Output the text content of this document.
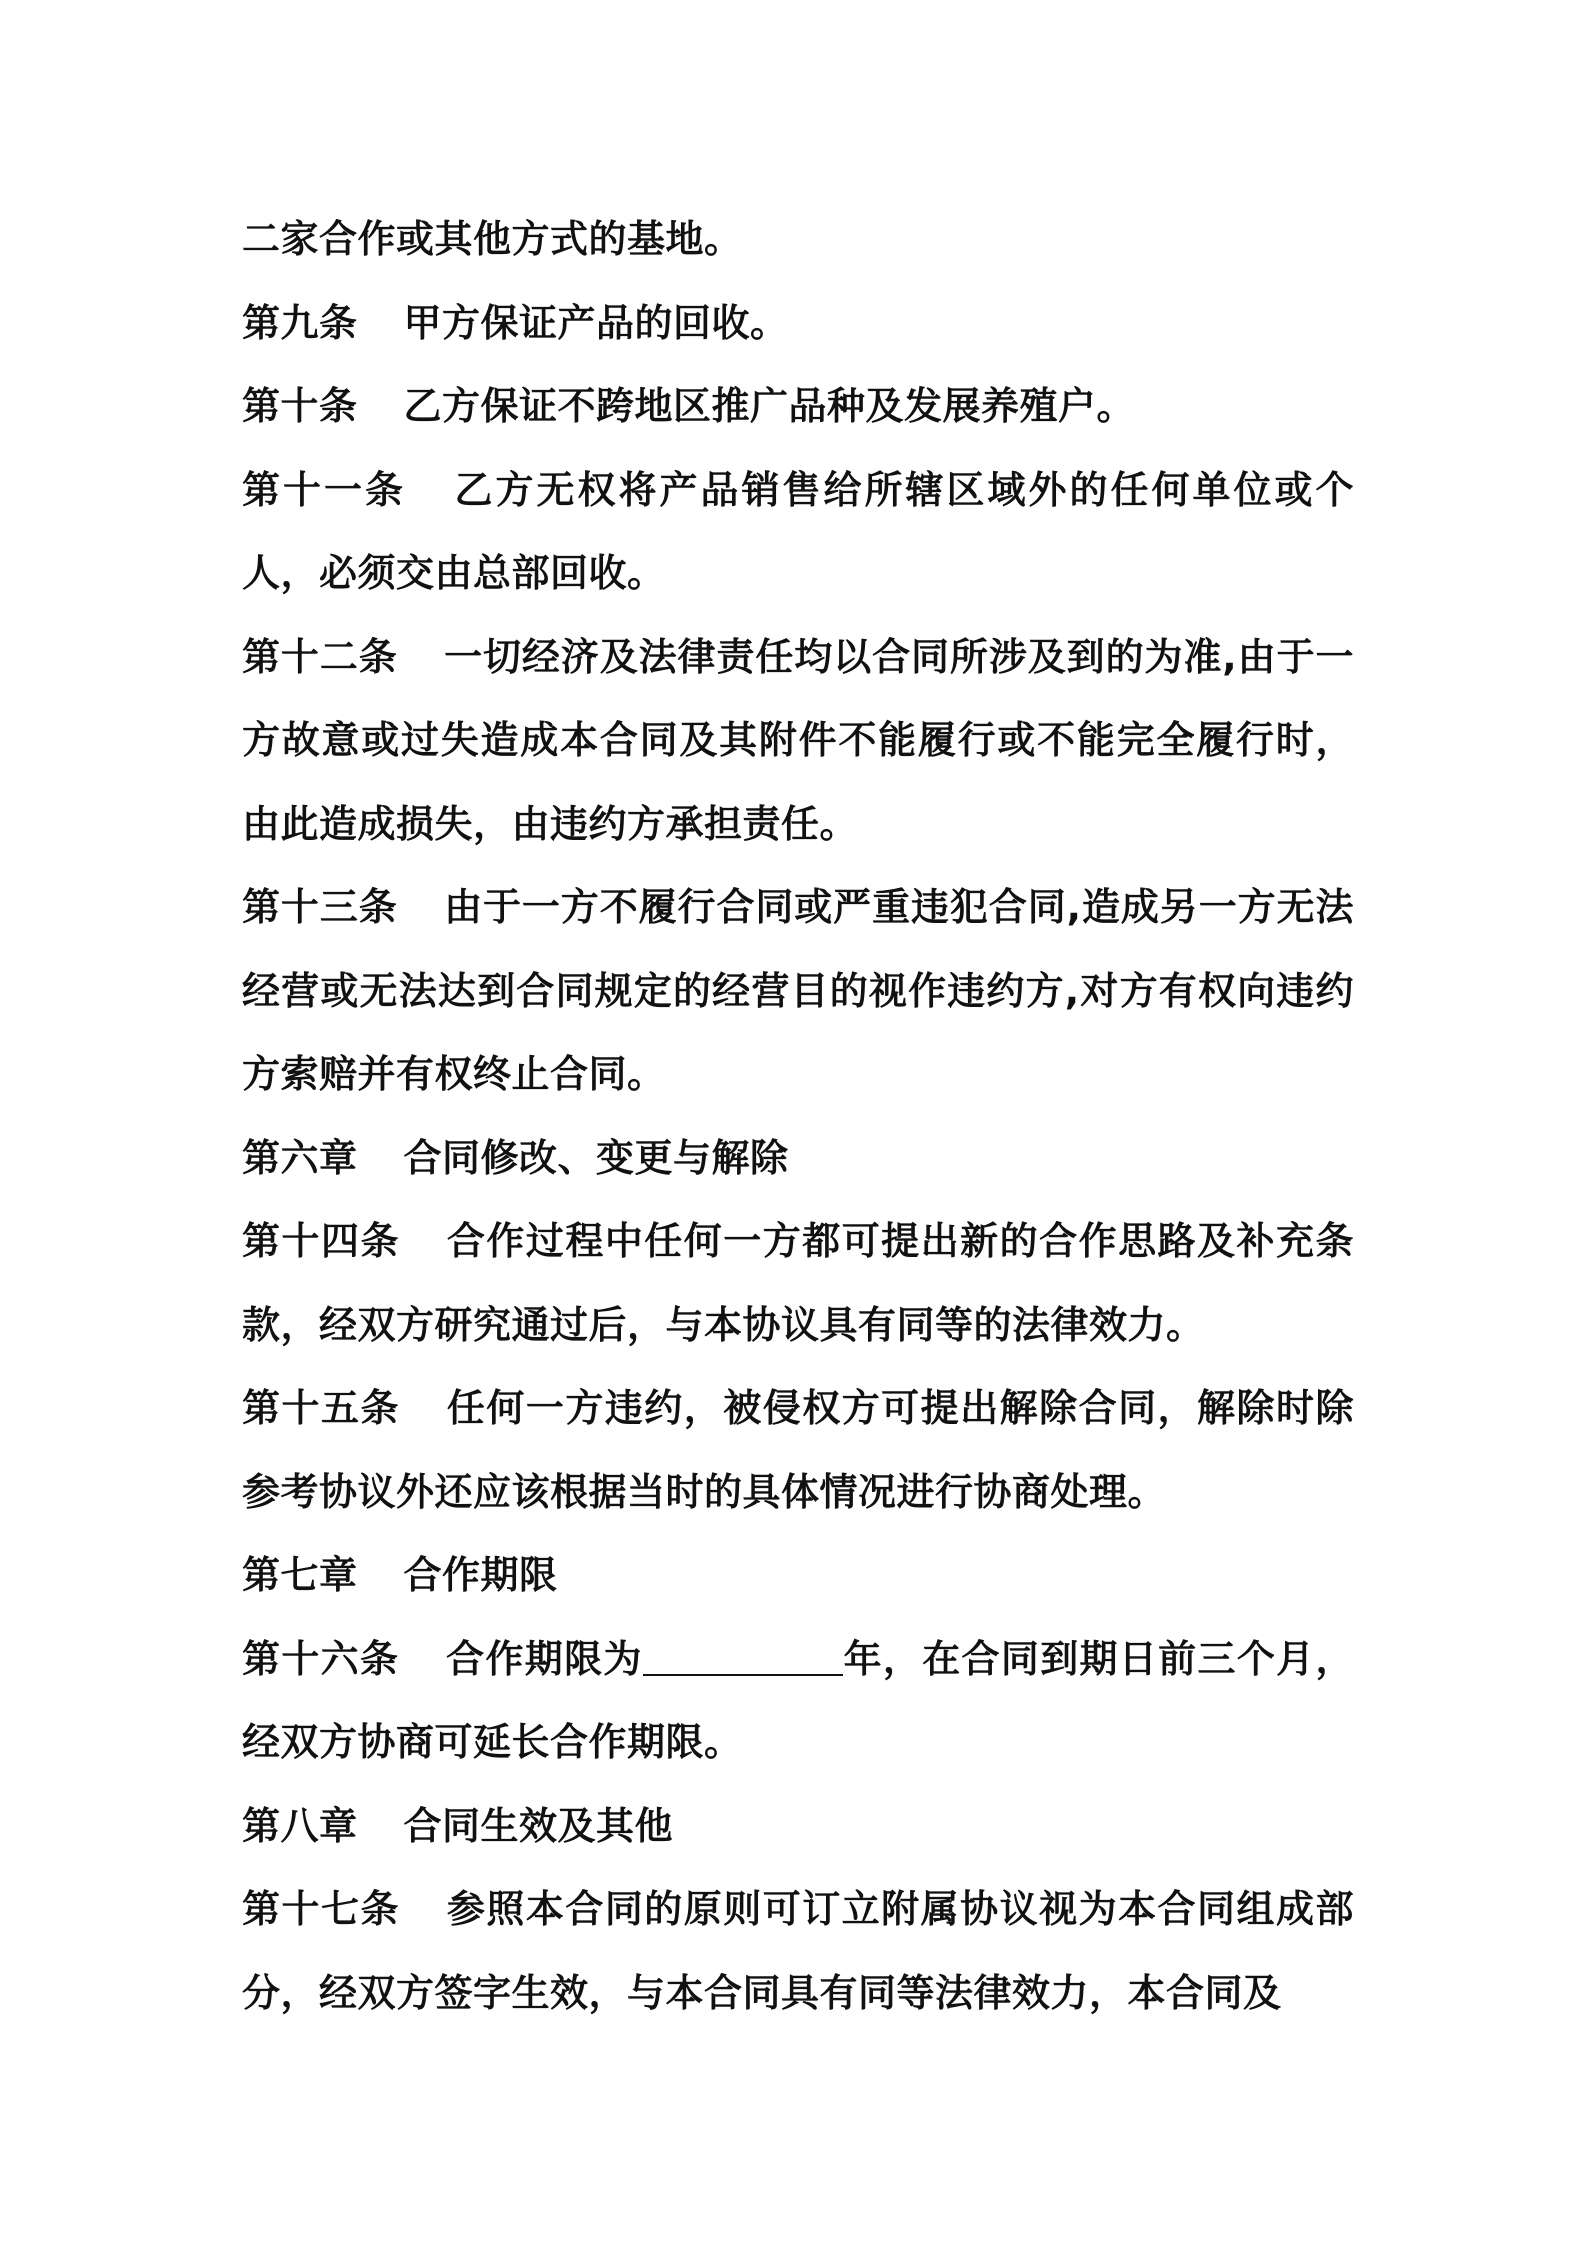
二家合作或其他方式的基地。

第九条 甲方保证产品的回收。

第十条 乙方保证不跨地区推广品种及发展养殖户。

第十一条 乙方无权将产品销售给所辖区域外的任何单位或个人，必须交由总部回收。

第十二条 一切经济及法律责任均以合同所涉及到的为准,由于一方故意或过失造成本合同及其附件不能履行或不能完全履行时，由此造成损失，由违约方承担责任。

第十三条 由于一方不履行合同或严重违犯合同,造成另一方无法经营或无法达到合同规定的经营目的视作违约方,对方有权向违约方索赔并有权终止合同。

第六章 合同修改、变更与解除

第十四条 合作过程中任何一方都可提出新的合作思路及补充条款，经双方研究通过后，与本协议具有同等的法律效力。

第十五条 任何一方违约，被侵权方可提出解除合同，解除时除参考协议外还应该根据当时的具体情况进行协商处理。

第七章 合作期限

第十六条 合作期限为	年，在合同到期日前三个月，经双方协商可延长合作期限。

第八章 合同生效及其他

第十七条 参照本合同的原则可订立附属协议视为本合同组成部分，经双方签字生效，与本合同具有同等法律效力，本合同及
